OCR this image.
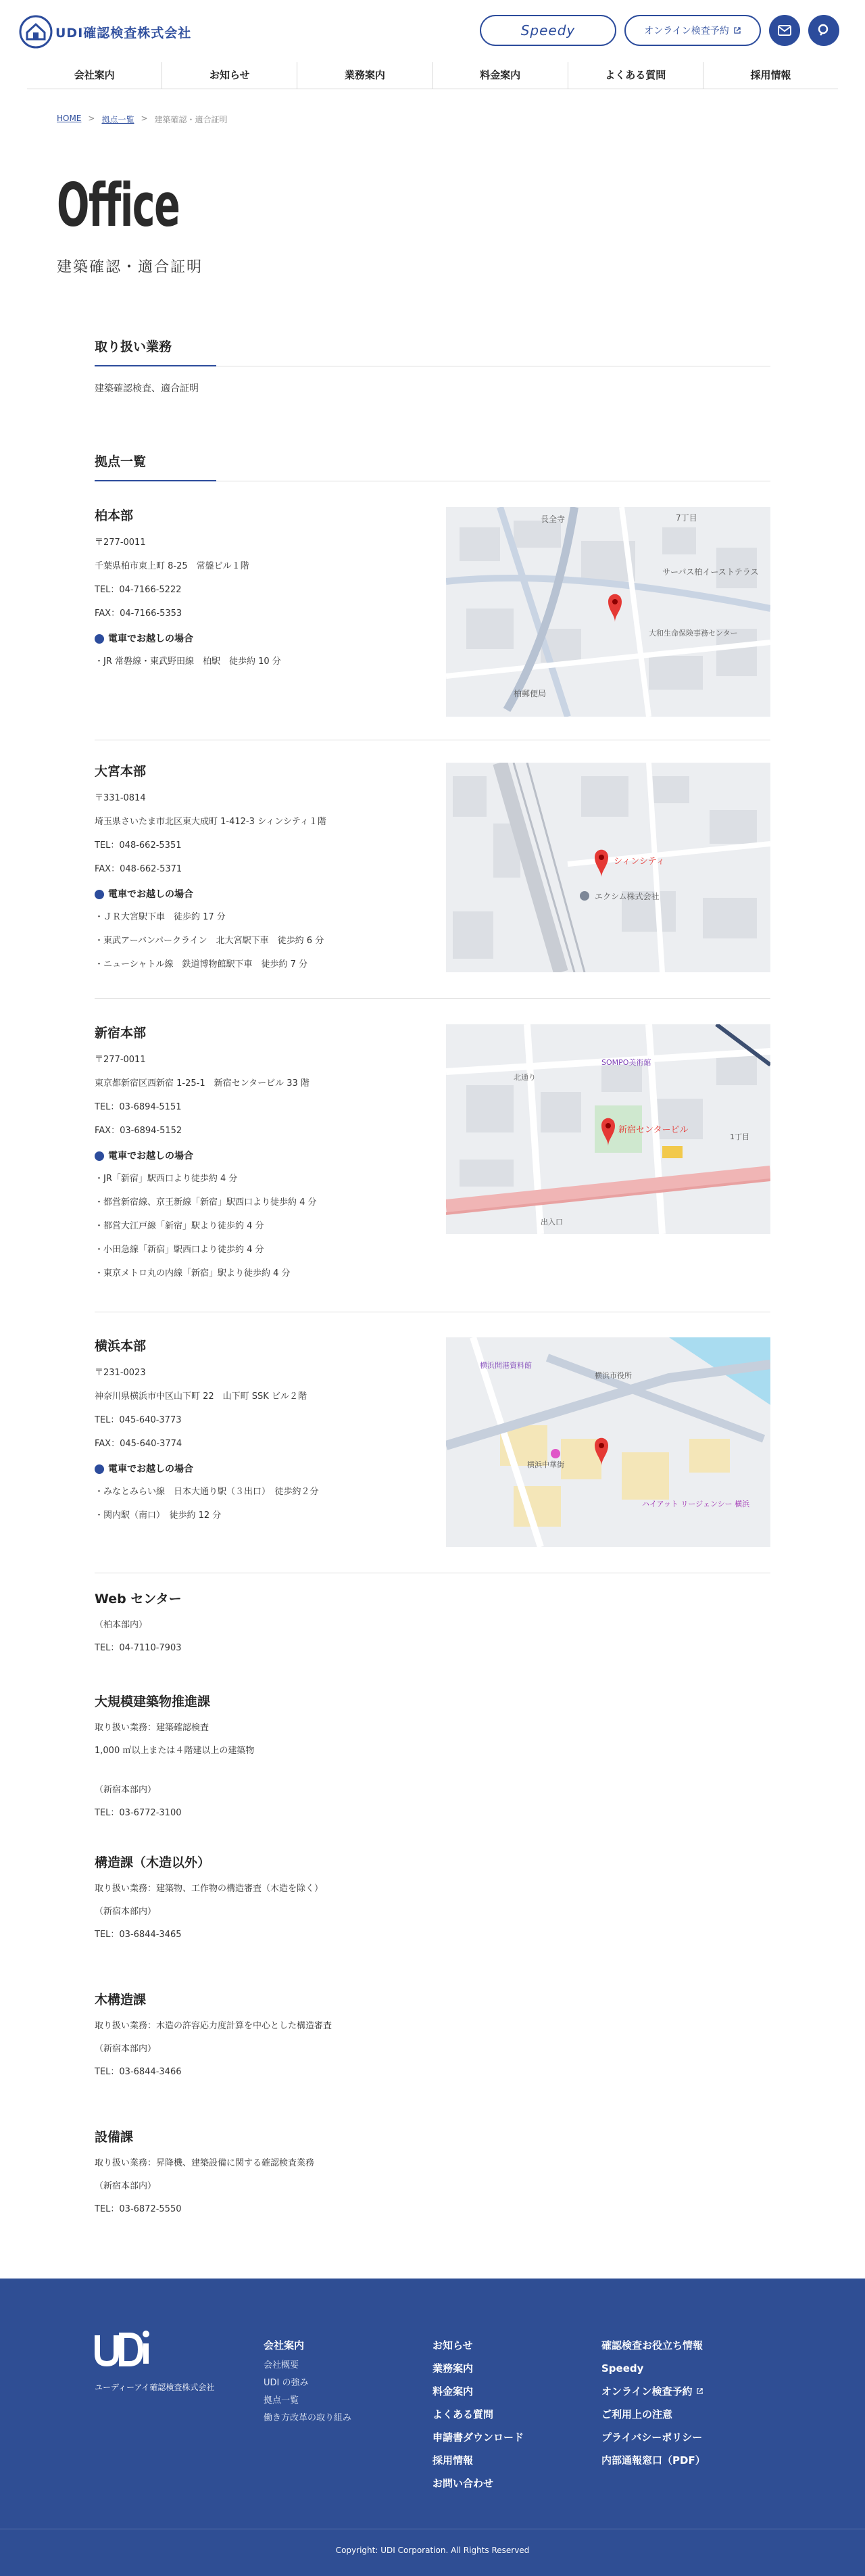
UDI確認検査株式会社	Speedy	オンライン検査予約
会社案内	お知らせ	業務案内	料金案内	よくある質問	採用情報
HOME > 拠点一覧 > 建築確認・適合証明
Office
建築確認・適合証明
取り扱い業務
建築確認検査、適合証明
拠点一覧
柏本部

〒277-0011

千葉県柏市東上町 8-25　常盤ビル１階

TEL：04-7166-5222

FAX：04-7166-5353

電車でお越しの場合
・JR 常磐線・東武野田線　柏駅　徒歩約 10 分
長全寺	7丁目
サーパス柏イーストテラス
大和生命保険事務センター
柏郵便局
大宮本部

〒331-0814

埼玉県さいたま市北区東大成町 1-412-3 シィンシティ１階

TEL：048-662-5351

FAX：048-662-5371

電車でお越しの場合
・ＪＲ大宮駅下車　徒歩約 17 分
・東武アーバンパークライン　北大宮駅下車　徒歩約 6 分
・ニューシャトル線　鉄道博物館駅下車　徒歩約 7 分
シィンシティ
エクシム株式会社
新宿本部

〒277-0011

東京都新宿区西新宿 1-25-1　新宿センタービル 33 階

TEL：03-6894-5151

FAX：03-6894-5152

電車でお越しの場合
・JR「新宿」駅西口より徒歩約 4 分
・都営新宿線、京王新線「新宿」駅西口より徒歩約 4 分
・都営大江戸線「新宿」駅より徒歩約 4 分
・小田急線「新宿」駅西口より徒歩約 4 分
・東京メトロ丸の内線「新宿」駅より徒歩約 4 分
新宿センタービル
SOMPO美術館
北通り
1丁目
出入口
横浜本部

〒231-0023

神奈川県横浜市中区山下町 22　山下町 SSK ビル２階

TEL：045-640-3773

FAX：045-640-3774

電車でお越しの場合
・みなとみらい線　日本大通り駅（３出口）　徒歩約２分
・関内駅（南口）　徒歩約 12 分
横浜開港資料館
横浜市役所
横浜中華街
ハイアット リージェンシー 横浜
Web センター

（柏本部内）

TEL：04-7110-7903

大規模建築物推進課

取り扱い業務：建築確認検査

1,000 ㎡以上または４階建以上の建築物

（新宿本部内）

TEL：03-6772-3100

構造課（木造以外）

取り扱い業務：建築物、工作物の構造審査（木造を除く）

（新宿本部内）

TEL：03-6844-3465

木構造課

取り扱い業務：木造の許容応力度計算を中心とした構造審査

（新宿本部内）

TEL：03-6844-3466

設備課

取り扱い業務：昇降機、建築設備に関する確認検査業務

（新宿本部内）

TEL：03-6872-5550

ユーディーアイ確認検査株式会社
会社案内
会社概要
UDI の強み
拠点一覧
働き方改革の取り組み
お知らせ
業務案内
料金案内
よくある質問
申請書ダウンロード
採用情報
お問い合わせ
確認検査お役立ち情報
Speedy
オンライン検査予約
ご利用上の注意
プライバシーポリシー
内部通報窓口（PDF）
Copyright: UDI Corporation. All Rights Reserved
